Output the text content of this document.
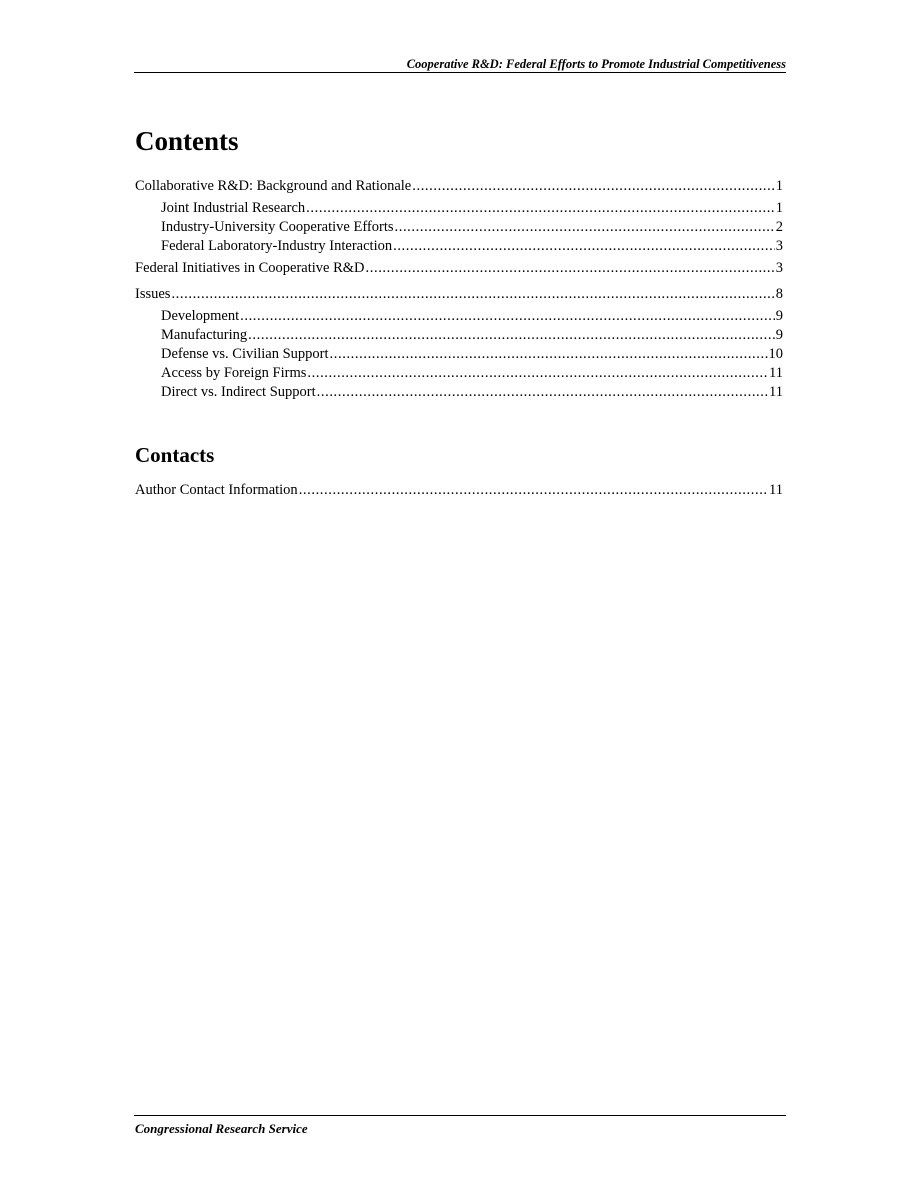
Cooperative R&D: Federal Efforts to Promote Industrial Competitiveness
Contents
Collaborative R&D: Background and Rationale .....	1
Joint Industrial Research .....	1
Industry-University Cooperative Efforts .....	2
Federal Laboratory-Industry Interaction .....	3
Federal Initiatives in Cooperative R&D .....	3
Issues .....	8
Development .....	9
Manufacturing .....	9
Defense vs. Civilian Support .....	10
Access by Foreign Firms .....	11
Direct vs. Indirect Support .....	11
Contacts
Author Contact Information .....	11
Congressional Research Service
